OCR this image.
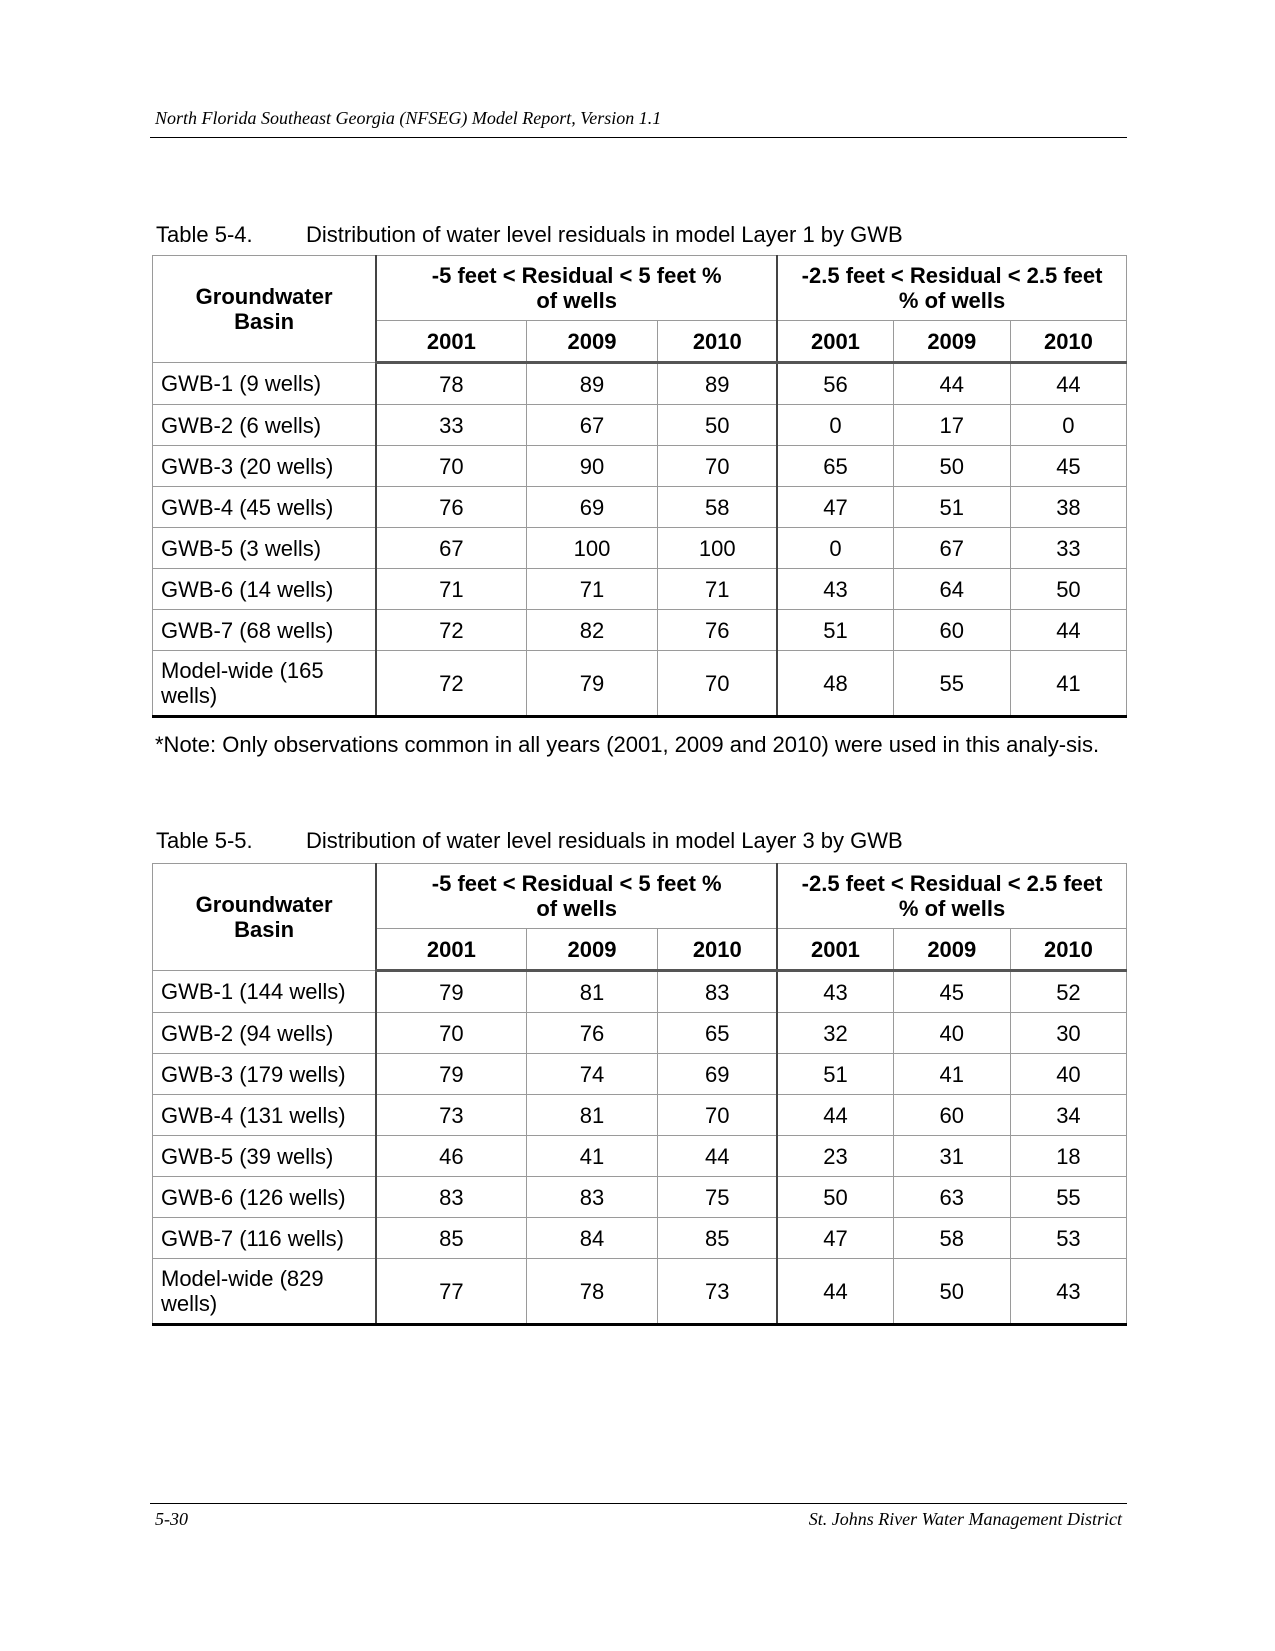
North Florida Southeast Georgia (NFSEG) Model Report, Version 1.1
Table 5-4. Distribution of water level residuals in model Layer 1 by GWB
Groundwater Basin	-5 feet < Residual < 5 feet % of wells			-2.5 feet < Residual < 2.5 feet % of wells		

	2001	2009	2010	2001	2009	2010
GWB-1 (9 wells)	78	89	89	56	44	44
GWB-2 (6 wells)	33	67	50	0	17	0
GWB-3 (20 wells)	70	90	70	65	50	45
GWB-4 (45 wells)	76	69	58	47	51	38
GWB-5 (3 wells)	67	100	100	0	67	33
GWB-6 (14 wells)	71	71	71	43	64	50
GWB-7 (68 wells)	72	82	76	51	60	44
Model-wide (165 wells)	72	79	70	48	55	41
*Note: Only observations common in all years (2001, 2009 and 2010) were used in this analy-sis.
Table 5-5. Distribution of water level residuals in model Layer 3 by GWB
Groundwater Basin	-5 feet < Residual < 5 feet % of wells			-2.5 feet < Residual < 2.5 feet % of wells		

	2001	2009	2010	2001	2009	2010
GWB-1 (144 wells)	79	81	83	43	45	52
GWB-2 (94 wells)	70	76	65	32	40	30
GWB-3 (179 wells)	79	74	69	51	41	40
GWB-4 (131 wells)	73	81	70	44	60	34
GWB-5 (39 wells)	46	41	44	23	31	18
GWB-6 (126 wells)	83	83	75	50	63	55
GWB-7 (116 wells)	85	84	85	47	58	53
Model-wide (829 wells)	77	78	73	44	50	43
5-30	St. Johns River Water Management District
